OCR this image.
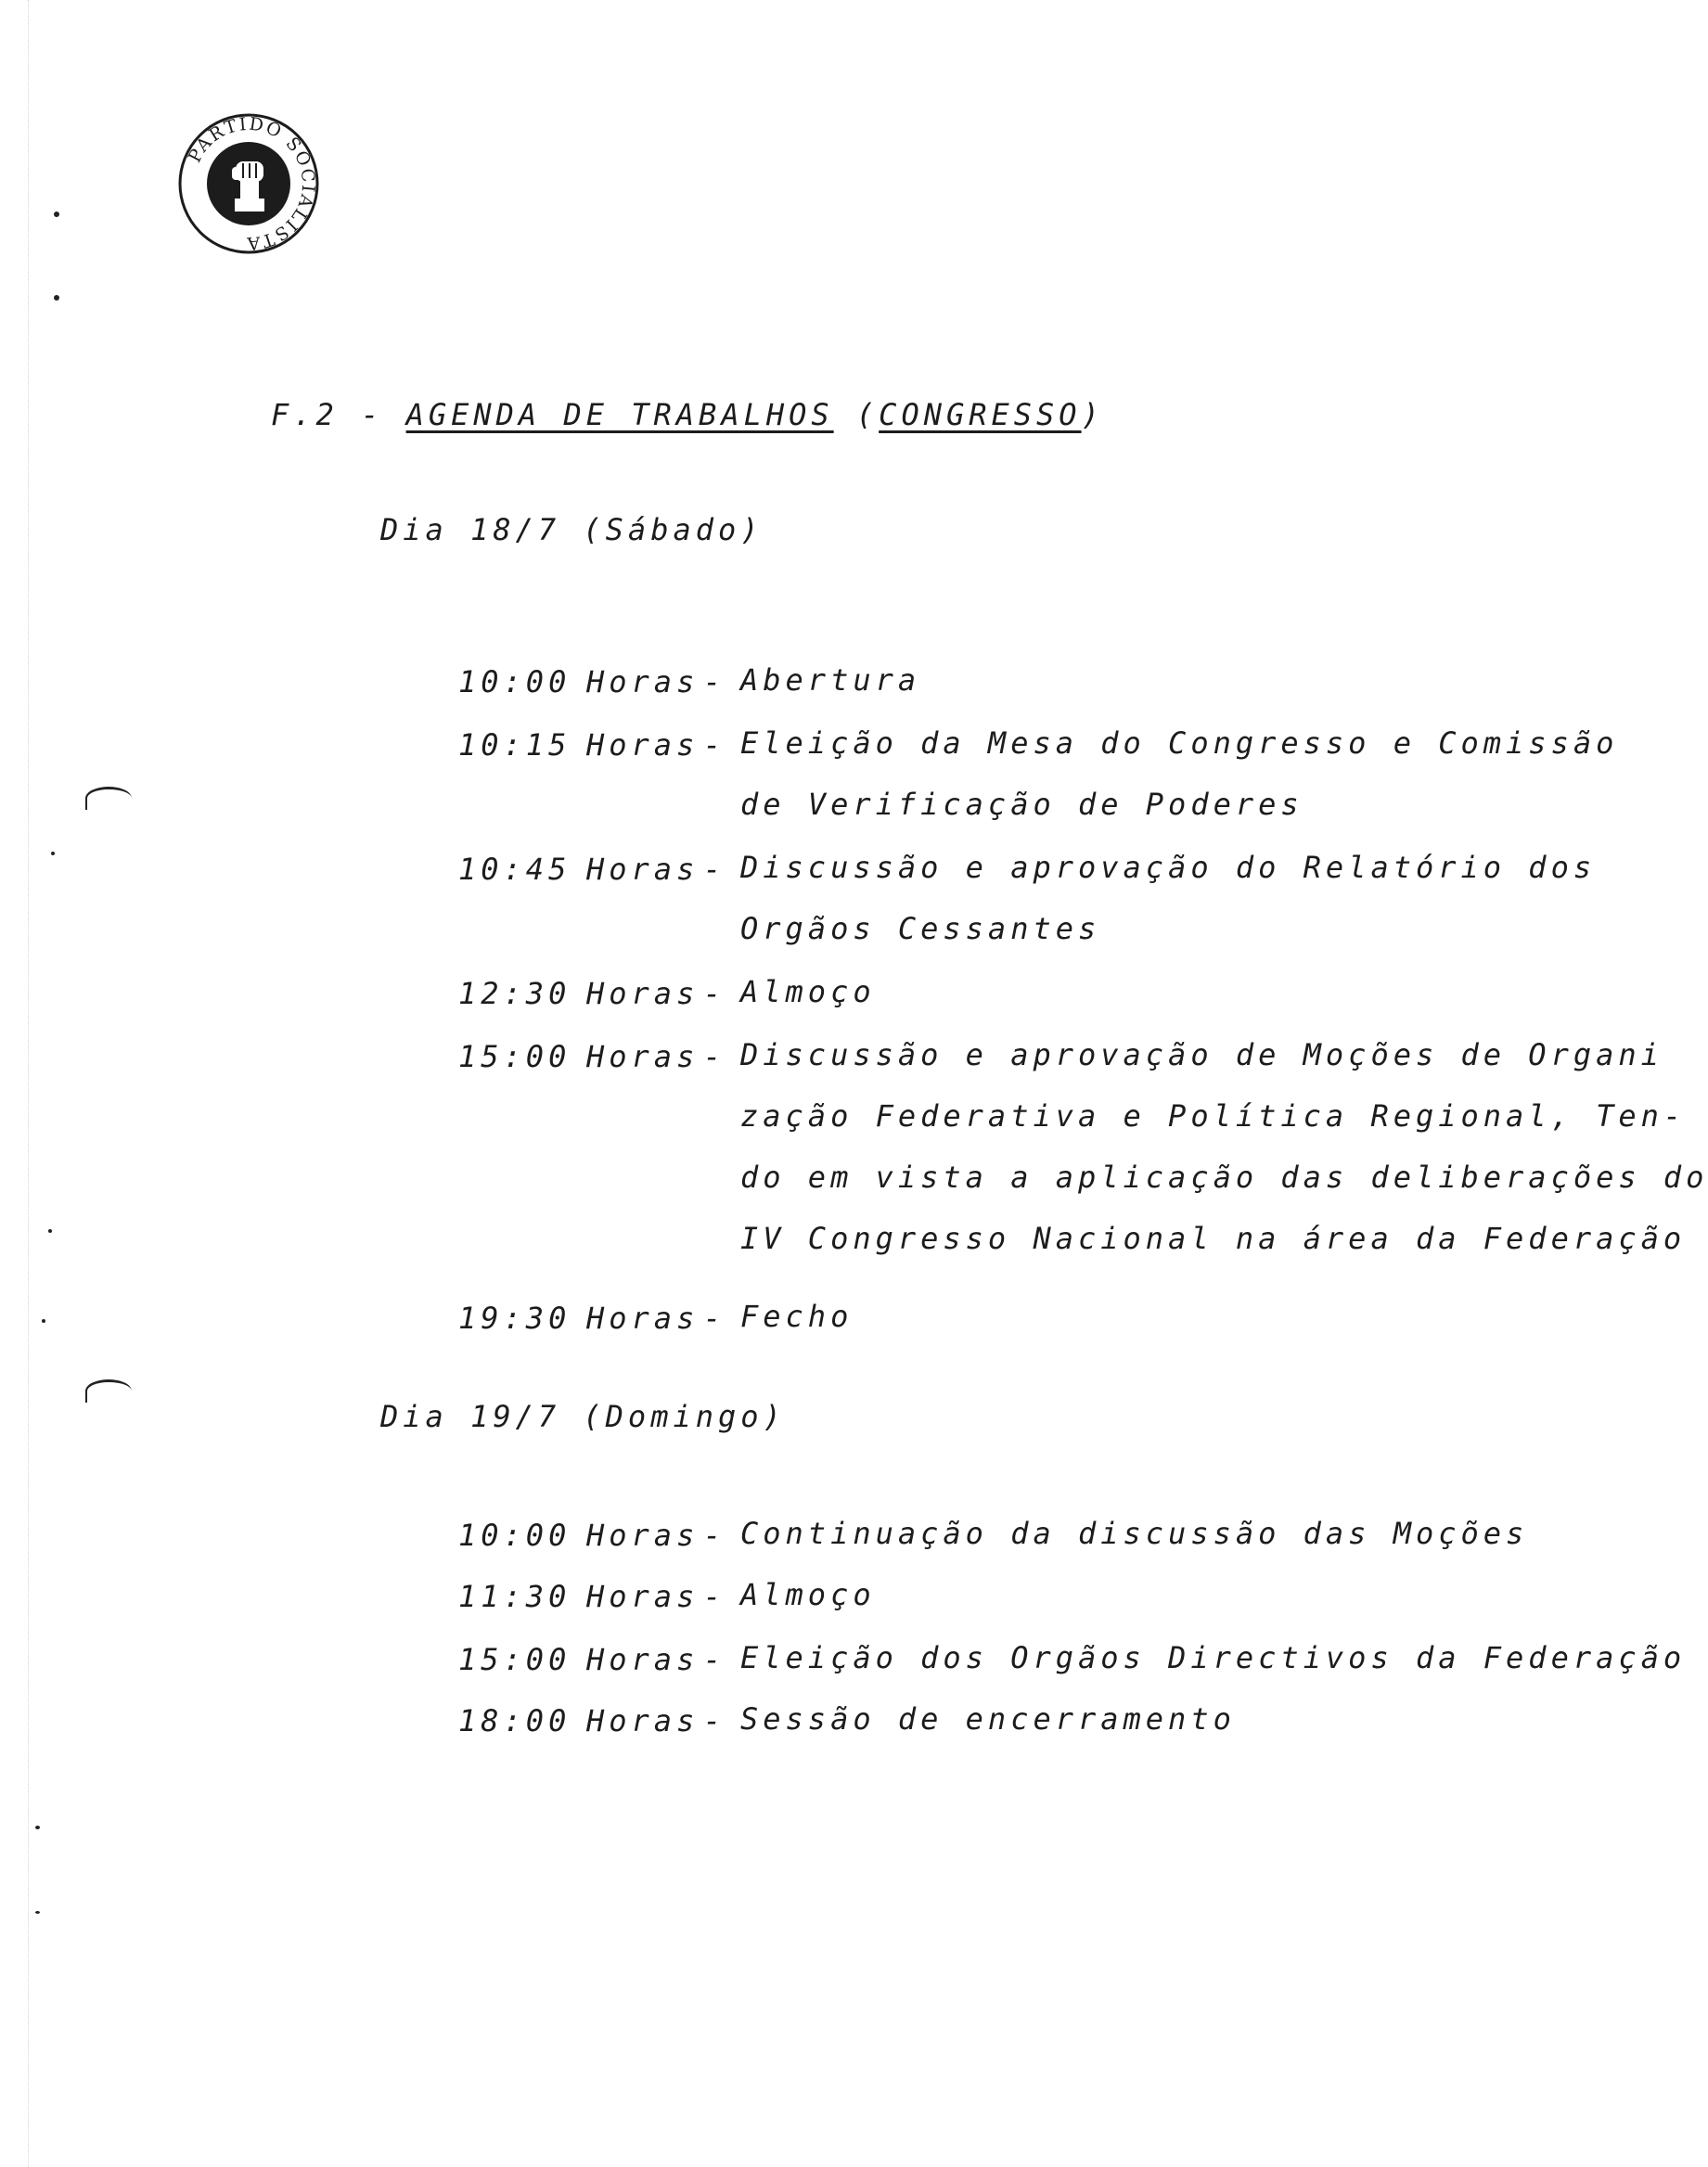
PARTIDO SOCIALISTA
F.2 - AGENDA DE TRABALHOS (CONGRESSO)
Dia 18/7 (Sábado)
10:00 Horas - Abertura
10:15 Horas - Eleição da Mesa do Congresso e Comissão
de Verificação de Poderes
10:45 Horas - Discussão e aprovação do Relatório dos
Orgãos Cessantes
12:30 Horas - Almoço
15:00 Horas - Discussão e aprovação de Moções de Organi
zação Federativa e Política Regional, Ten-
do em vista a aplicação das deliberações do
IV Congresso Nacional na área da Federação
19:30 Horas - Fecho
Dia 19/7 (Domingo)
10:00 Horas - Continuação da discussão das Moções
11:30 Horas - Almoço
15:00 Horas - Eleição dos Orgãos Directivos da Federação
18:00 Horas - Sessão de encerramento
